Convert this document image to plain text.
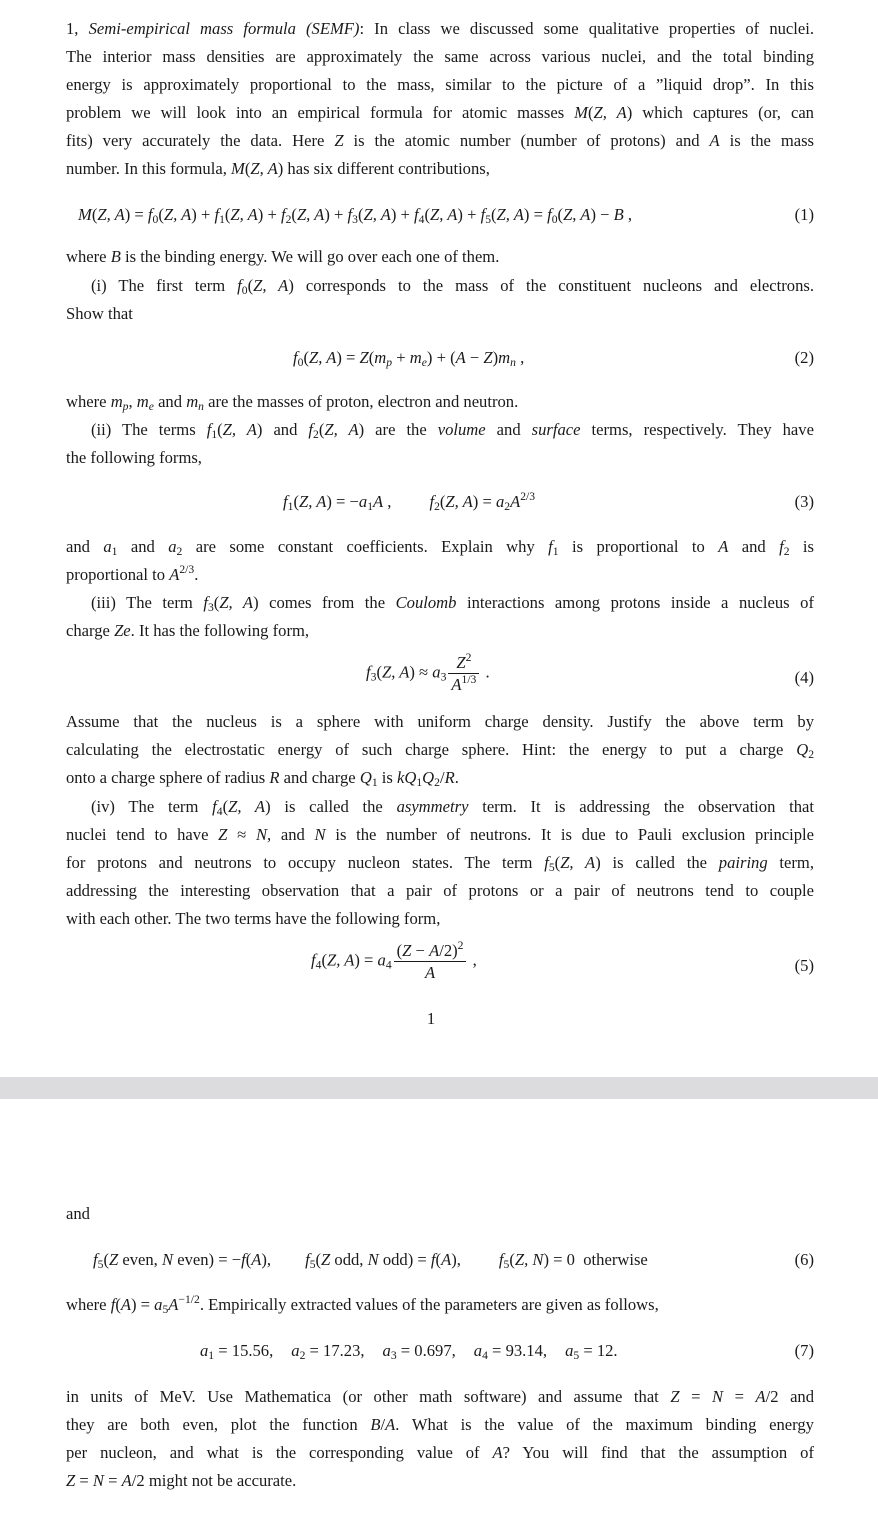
1, Semi-empirical mass formula (SEMF): In class we discussed some qualitative properties of nuclei.
The interior mass densities are approximately the same across various nuclei, and the total binding
energy is approximately proportional to the mass, similar to the picture of a ”liquid drop”. In this
problem we will look into an empirical formula for atomic masses M(Z, A) which captures (or, can
fits) very accurately the data. Here Z is the atomic number (number of protons) and A is the mass
number. In this formula, M(Z, A) has six different contributions,
M(Z, $A) = f_0(Z$, $A) + f_1(Z$, $A) + f_2(Z$, $A) + f_3(Z$, $A) + f_4(Z$, $A) + f_5(Z$, $A) = f_0(Z$, A) − B ,	(1)
where B is the binding energy. We will go over each one of them.
(i) The first term $f_0(Z$, A) corresponds to the mass of the constituent nucleons and electrons.
Show that
$f_0(Z$, $A) = Z(m_p + m_e) + (A - Z)m_n$ ,	(2)
where $m_p$, $m_e$ and $m_n$ are the masses of proton, electron and neutron.
(ii) The terms $f_1(Z$, A) and $f_2(Z$, A) are the volume and surface terms, respectively. They have
the following forms,
$f_1(Z$, $A) = -a_1A$ , $f_2(Z$, $A) = a_2A^{2/3}$	(3)
and $a_1$ and $a_2$ are some constant coefficients. Explain why $f_1$ is proportional to A and $f_2$ is
proportional to $A^{2/3}$.
(iii) The term $f_3(Z$, A) comes from the Coulomb interactions among protons inside a nucleus of
charge Ze. It has the following form,
$f_3(Z$, $A) \approx a_3 \frac{Z^2}{A^{1/3}}$ .	(4)
Assume that the nucleus is a sphere with uniform charge density. Justify the above term by
calculating the electrostatic energy of such charge sphere. Hint: the energy to put a charge $Q_2$
onto a charge sphere of radius R and charge $Q_1$ is $kQ_1Q_2/R$.
(iv) The term $f_4(Z$, A) is called the asymmetry term. It is addressing the observation that
nuclei tend to have Z ≈ N, and N is the number of neutrons. It is due to Pauli exclusion principle
for protons and neutrons to occupy nucleon states. The term $f_5(Z$, A) is called the pairing term,
addressing the interesting observation that a pair of protons or a pair of neutrons tend to couple
with each other. The two terms have the following form,
$f_4(Z$, $A) = a_4 \frac{(Z - A/2)^2}{A}$ ,	(5)
1
and
$f_5(Z$ even, N even) = −f(A), $f_5(Z$ odd, N odd) = f(A), $f_5(Z$, N) = 0  otherwise	(6)
where $f(A) = a_5A^{-1/2}$. Empirically extracted values of the parameters are given as follows,
$a_1 = 15.56$, $a_2 = 17.23$, $a_3 = 0.697$, $a_4 = 93.14$, $a_5 = 12$.	(7)
in units of MeV. Use Mathematica (or other math software) and assume that Z = N = A/2 and
they are both even, plot the function B/A. What is the value of the maximum binding energy
per nucleon, and what is the corresponding value of A? You will find that the assumption of
Z = N = A/2 might not be accurate.
